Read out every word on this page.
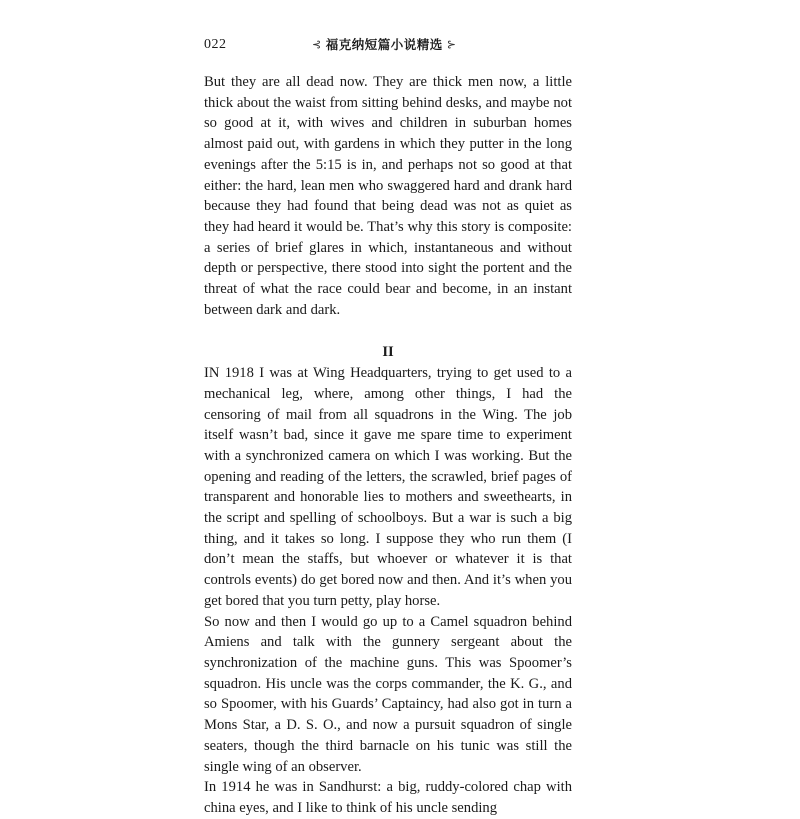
022	⊰ 福克纳短篇小说精选 ⊱

But they are all dead now. They are thick men now, a little thick about the waist from sitting behind desks, and maybe not so good at it, with wives and children in suburban homes almost paid out, with gardens in which they putter in the long evenings after the 5:15 is in, and perhaps not so good at that either: the hard, lean men who swaggered hard and drank hard because they had found that being dead was not as quiet as they had heard it would be. That’s why this story is composite: a series of brief glares in which, instantaneous and without depth or perspective, there stood into sight the portent and the threat of what the race could bear and become, in an instant between dark and dark.

II

IN 1918 I was at Wing Headquarters, trying to get used to a mechanical leg, where, among other things, I had the censoring of mail from all squadrons in the Wing. The job itself wasn’t bad, since it gave me spare time to experiment with a synchronized camera on which I was working. But the opening and reading of the letters, the scrawled, brief pages of transparent and honorable lies to mothers and sweethearts, in the script and spelling of schoolboys. But a war is such a big thing, and it takes so long. I suppose they who run them (I don’t mean the staffs, but whoever or whatever it is that controls events) do get bored now and then. And it’s when you get bored that you turn petty, play horse.

So now and then I would go up to a Camel squadron behind Amiens and talk with the gunnery sergeant about the synchronization of the machine guns. This was Spoomer’s squadron. His uncle was the corps commander, the K. G., and so Spoomer, with his Guards’ Captaincy, had also got in turn a Mons Star, a D. S. O., and now a pursuit squadron of single seaters, though the third barnacle on his tunic was still the single wing of an observer.

In 1914 he was in Sandhurst: a big, ruddy-colored chap with china eyes, and I like to think of his uncle sending
